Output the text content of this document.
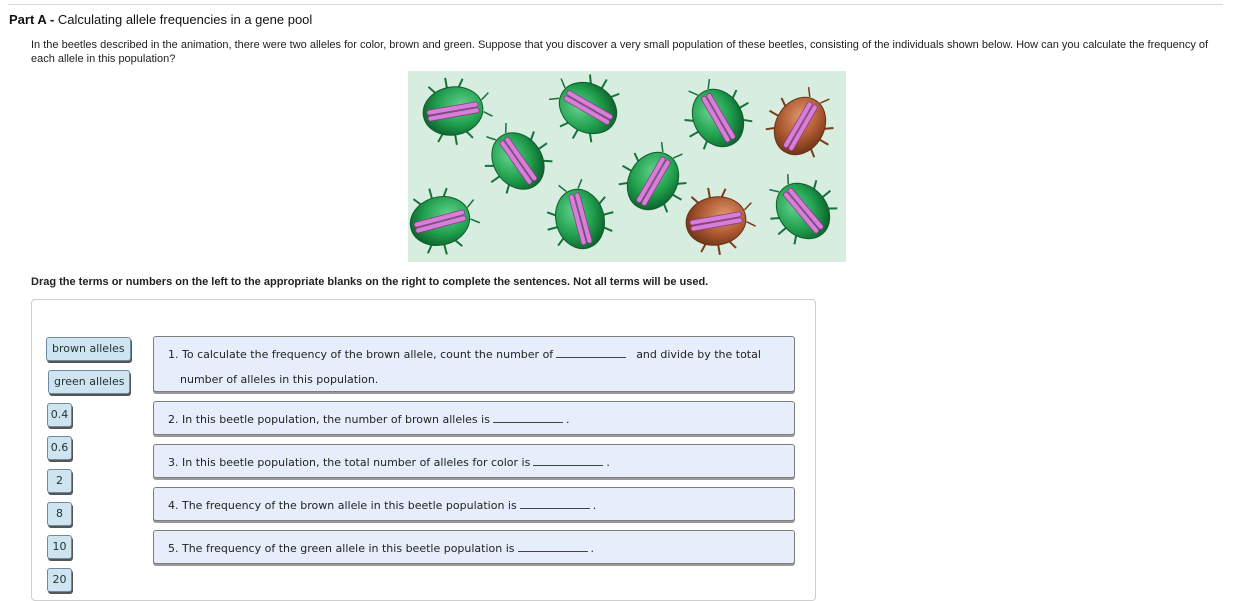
Part A - Calculating allele frequencies in a gene pool
In the beetles described in the animation, there were two alleles for color, brown and green. Suppose that you discover a very small population of these beetles, consisting of the individuals shown below. How can you calculate the frequency of each allele in this population?
Drag the terms or numbers on the left to the appropriate blanks on the right to complete the sentences. Not all terms will be used.
brown alleles
green alleles
0.4
0.6
2
8
10
20
1. To calculate the frequency of the brown allele, count the number of	and divide by the total
number of alleles in this population.
2. In this beetle population, the number of brown alleles is	.
3. In this beetle population, the total number of alleles for color is	.
4. The frequency of the brown allele in this beetle population is	.
5. The frequency of the green allele in this beetle population is	.
